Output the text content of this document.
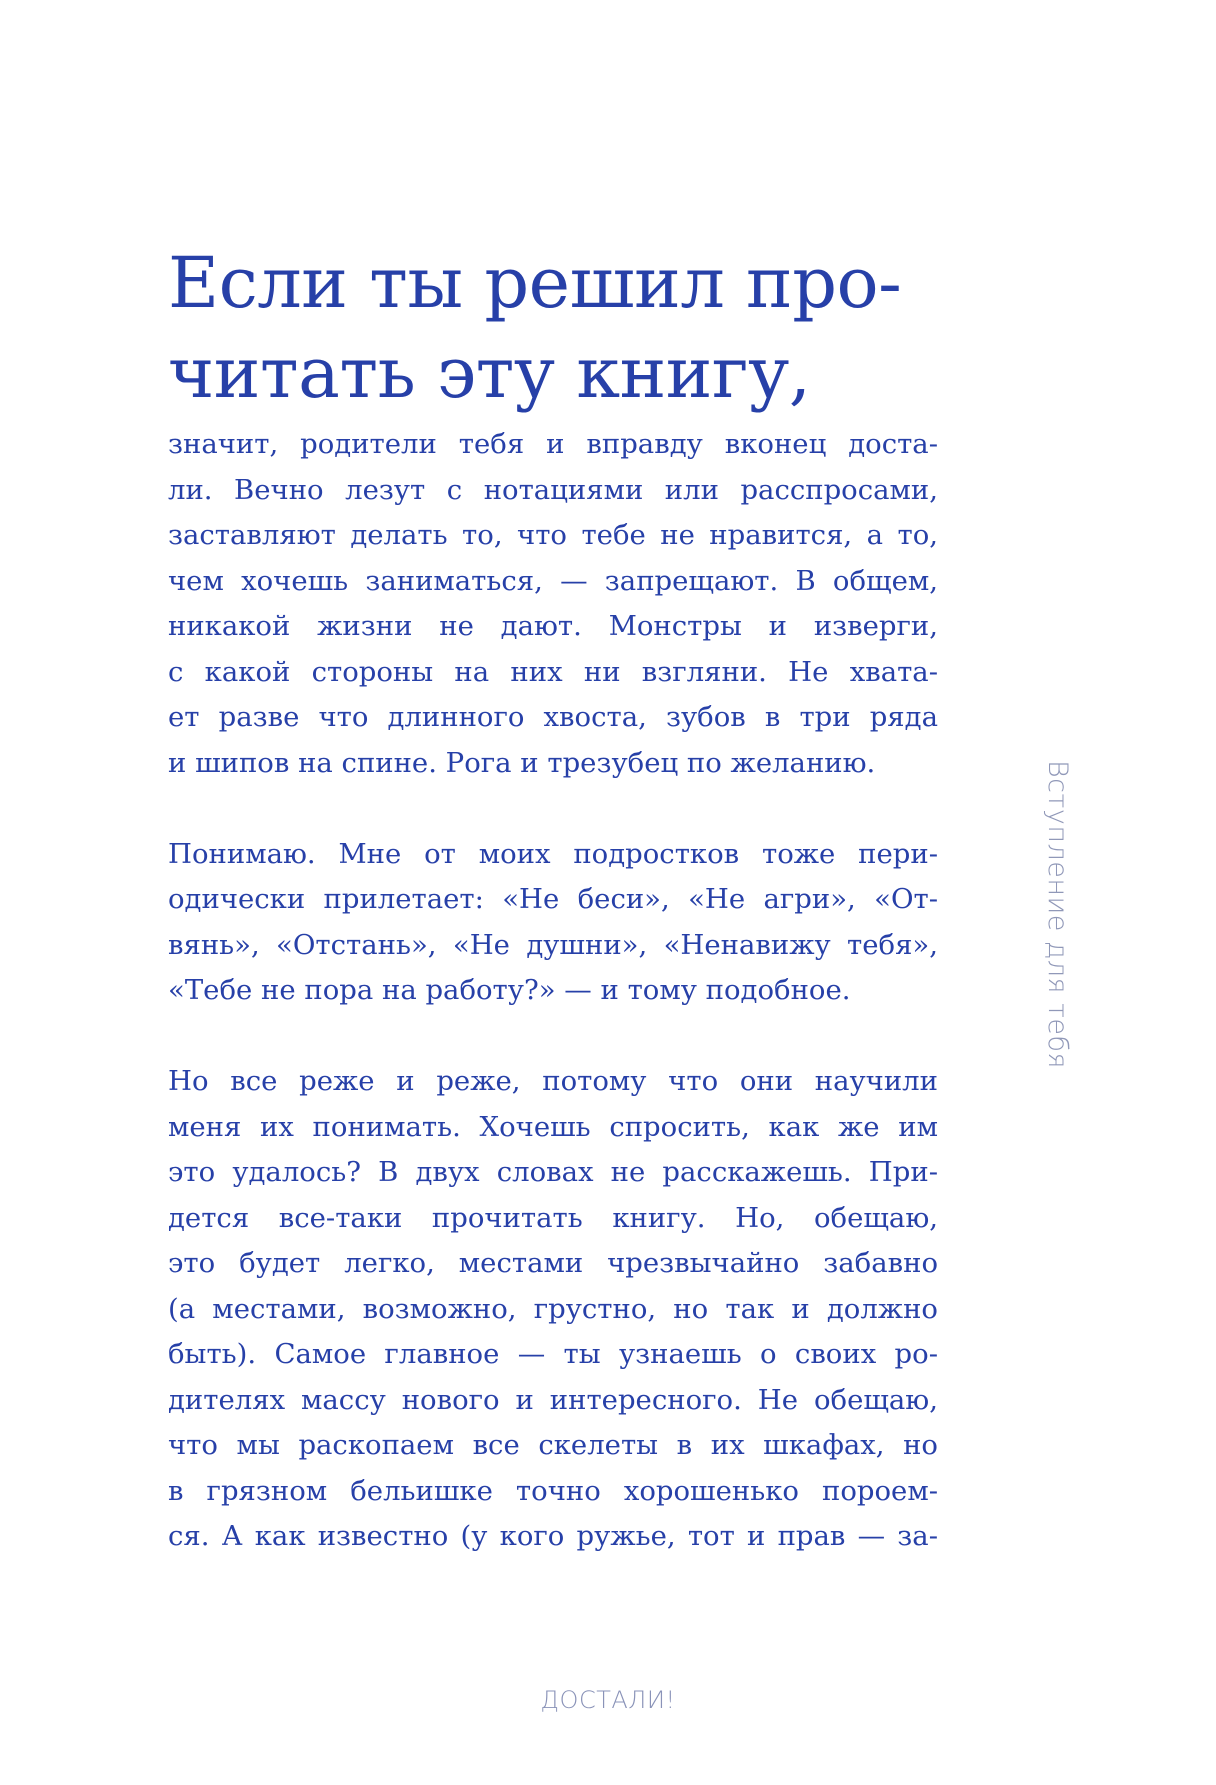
Если ты решил про-
читать эту книгу,

значит, родители тебя и вправду вконец доста-
ли. Вечно лезут с нотациями или расспросами,
заставляют делать то, что тебе не нравится, а то,
чем хочешь заниматься, — запрещают. В общем,
никакой жизни не дают. Монстры и изверги,
с какой стороны на них ни взгляни. Не хвата-
ет разве что длинного хвоста, зубов в три ряда
и шипов на спине. Рога и трезубец по желанию.

Понимаю. Мне от моих подростков тоже пери-
одически прилетает: «Не беси», «Не агри», «От-
вянь», «Отстань», «Не душни», «Ненавижу тебя»,
«Тебе не пора на работу?» — и тому подобное.

Но все реже и реже, потому что они научили
меня их понимать. Хочешь спросить, как же им
это удалось? В двух словах не расскажешь. При-
дется все-таки прочитать книгу. Но, обещаю,
это будет легко, местами чрезвычайно забавно
(а местами, возможно, грустно, но так и должно
быть). Самое главное — ты узнаешь о своих ро-
дителях массу нового и интересного. Не обещаю,
что мы раскопаем все скелеты в их шкафах, но
в грязном бельишке точно хорошенько пороем-
ся. А как известно (у кого ружье, тот и прав — за-

Вступление для тебя
ДОСТАЛИ!
